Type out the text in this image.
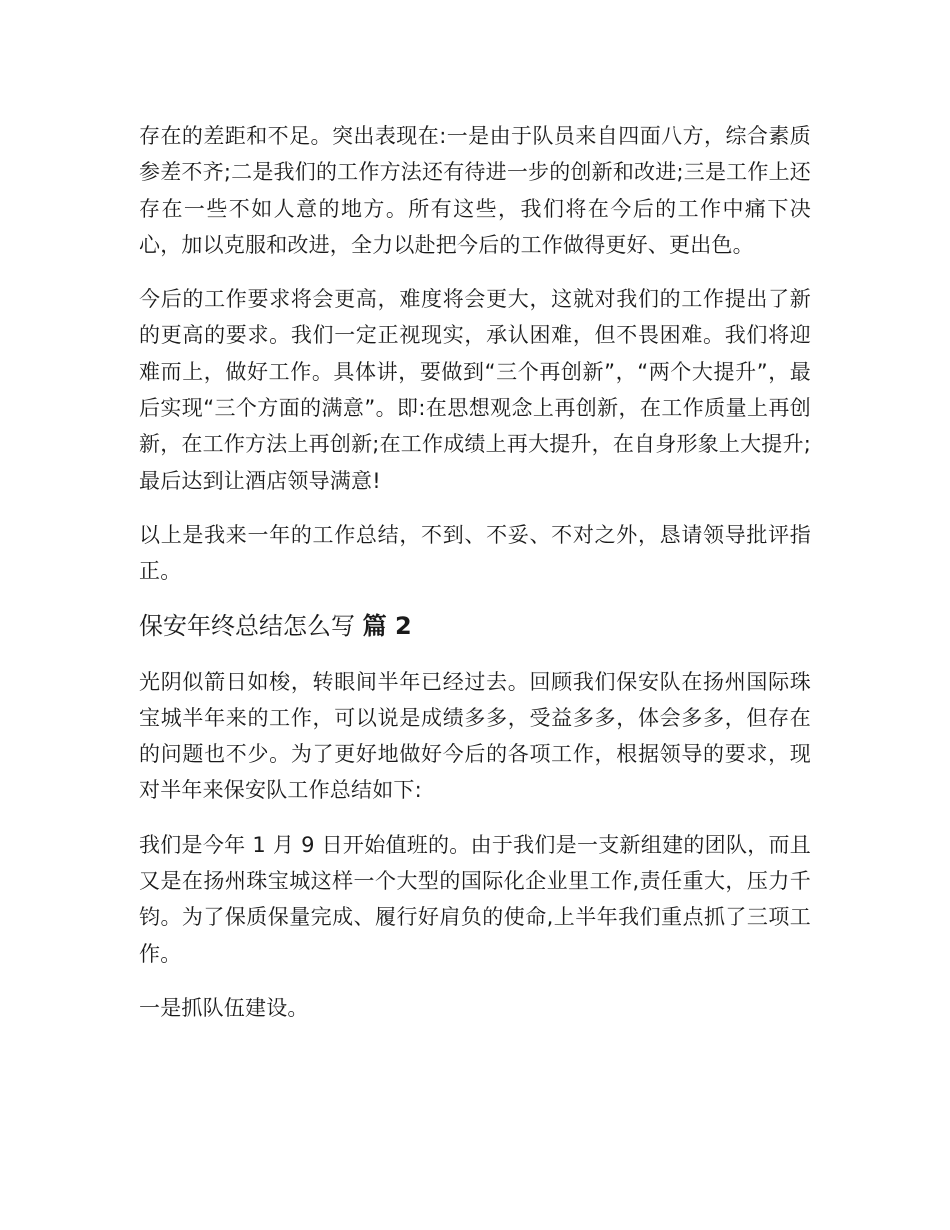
存在的差距和不足。突出表现在:一是由于队员来自四面八方，综合素质参差不齐;二是我们的工作方法还有待进一步的创新和改进;三是工作上还存在一些不如人意的地方。所有这些，我们将在今后的工作中痛下决心，加以克服和改进，全力以赴把今后的工作做得更好、更出色。

今后的工作要求将会更高，难度将会更大，这就对我们的工作提出了新的更高的要求。我们一定正视现实，承认困难，但不畏困难。我们将迎难而上，做好工作。具体讲，要做到“三个再创新”，“两个大提升”，最后实现“三个方面的满意”。即:在思想观念上再创新，在工作质量上再创新，在工作方法上再创新;在工作成绩上再大提升，在自身形象上大提升;最后达到让酒店领导满意!

以上是我来一年的工作总结，不到、不妥、不对之外，恳请领导批评指正。

保安年终总结怎么写 篇 2

光阴似箭日如梭，转眼间半年已经过去。回顾我们保安队在扬州国际珠宝城半年来的工作，可以说是成绩多多，受益多多，体会多多，但存在的问题也不少。为了更好地做好今后的各项工作，根据领导的要求，现对半年来保安队工作总结如下:

我们是今年 1 月 9 日开始值班的。由于我们是一支新组建的团队，而且又是在扬州珠宝城这样一个大型的国际化企业里工作,责任重大，压力千钧。为了保质保量完成、履行好肩负的使命,上半年我们重点抓了三项工作。

一是抓队伍建设。
